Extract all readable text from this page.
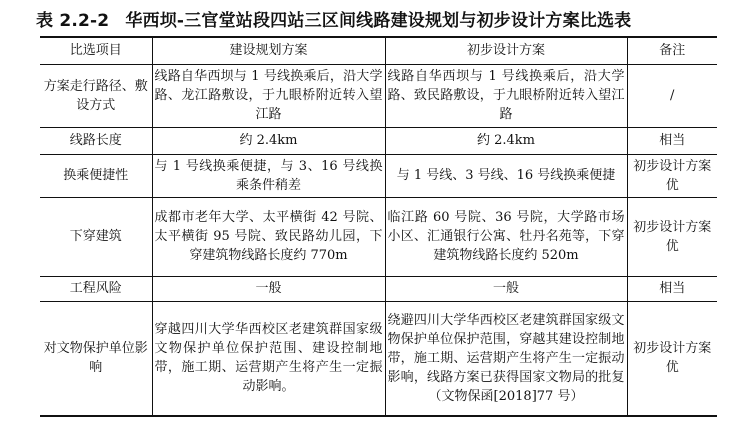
表 2.2-2 华西坝-三官堂站段四站三区间线路建设规划与初步设计方案比选表
比选项目	建设规划方案	初步设计方案	备注
方案走行路径、敷设方式	线路自华西坝与 1 号线换乘后，沿大学路、龙江路敷设，于九眼桥附近转入望江路	线路自华西坝与 1 号线换乘后，沿大学路、致民路敷设，于九眼桥附近转入望江路	/
线路长度	约 2.4km	约 2.4km	相当
换乘便捷性	与 1 号线换乘便捷，与 3、16 号线换乘条件稍差	与 1 号线、3 号线、16 号线换乘便捷	初步设计方案优
下穿建筑	成都市老年大学、太平横街 42 号院、太平横街 95 号院、致民路幼儿园，下穿建筑物线路长度约 770m	临江路 60 号院、36 号院，大学路市场小区、汇通银行公寓、牡丹名苑等，下穿建筑物线路长度约 520m	初步设计方案优
工程风险	一般	一般	相当
对文物保护单位影响	穿越四川大学华西校区老建筑群国家级文物保护单位保护范围、建设控制地带，施工期、运营期产生将产生一定振动影响。	绕避四川大学华西校区老建筑群国家级文物保护单位保护范围，穿越其建设控制地带，施工期、运营期产生将产生一定振动影响，线路方案已获得国家文物局的批复（文物保函[2018]77 号）	初步设计方案优
